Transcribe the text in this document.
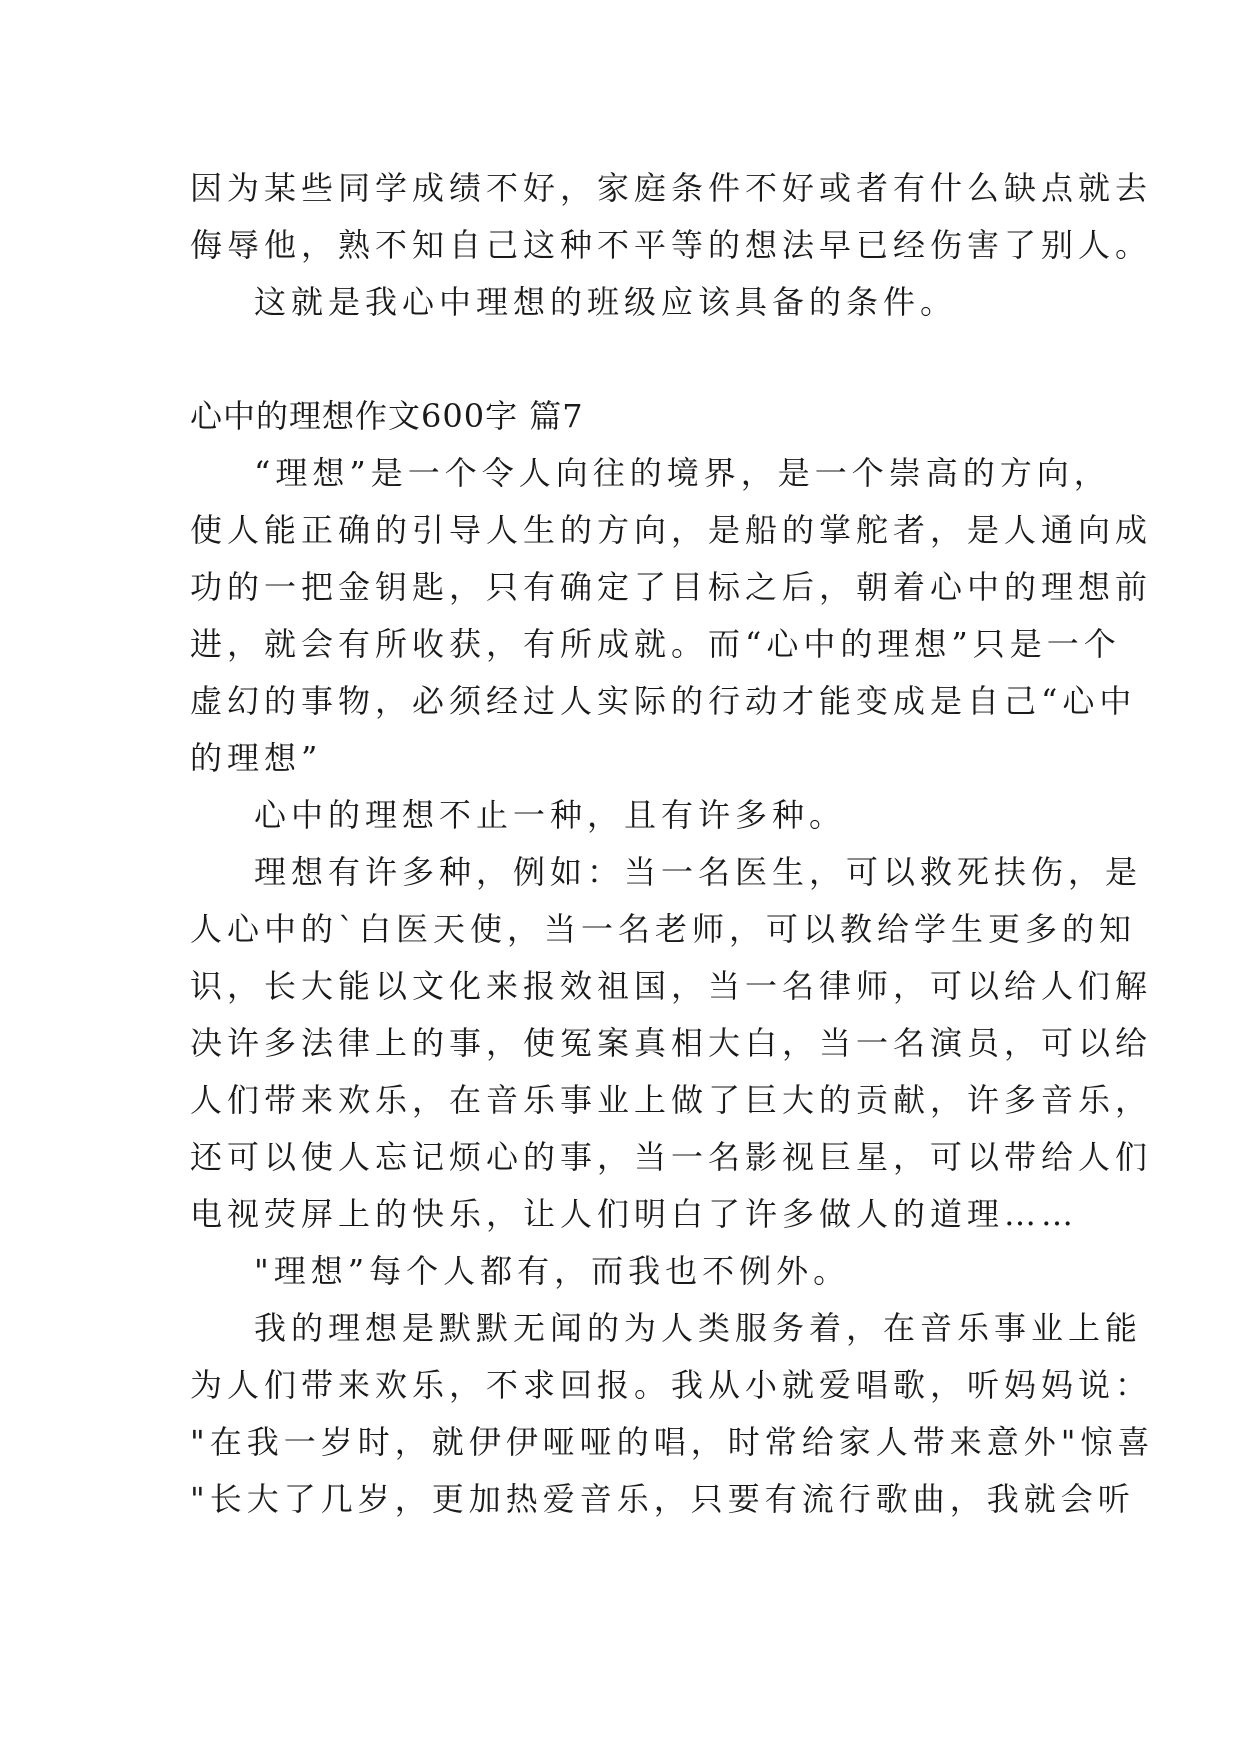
因为某些同学成绩不好，家庭条件不好或者有什么缺点就去
侮辱他，熟不知自己这种不平等的想法早已经伤害了别人。
这就是我心中理想的班级应该具备的条件。
心中的理想作文600字 篇7
“理想”是一个令人向往的境界，是一个崇高的方向，
使人能正确的引导人生的方向，是船的掌舵者，是人通向成
功的一把金钥匙，只有确定了目标之后，朝着心中的理想前
进，就会有所收获，有所成就。而“心中的理想”只是一个
虚幻的事物，必须经过人实际的行动才能变成是自己“心中
的理想”
心中的理想不止一种，且有许多种。
理想有许多种，例如：当一名医生，可以救死扶伤，是
人心中的`白医天使，当一名老师，可以教给学生更多的知
识，长大能以文化来报效祖国，当一名律师，可以给人们解
决许多法律上的事，使冤案真相大白，当一名演员，可以给
人们带来欢乐，在音乐事业上做了巨大的贡献，许多音乐，
还可以使人忘记烦心的事，当一名影视巨星，可以带给人们
电视荧屏上的快乐，让人们明白了许多做人的道理……
"理想”每个人都有，而我也不例外。
我的理想是默默无闻的为人类服务着，在音乐事业上能
为人们带来欢乐，不求回报。我从小就爱唱歌，听妈妈说：
"在我一岁时，就伊伊哑哑的唱，时常给家人带来意外"惊喜
"长大了几岁，更加热爱音乐，只要有流行歌曲，我就会听
